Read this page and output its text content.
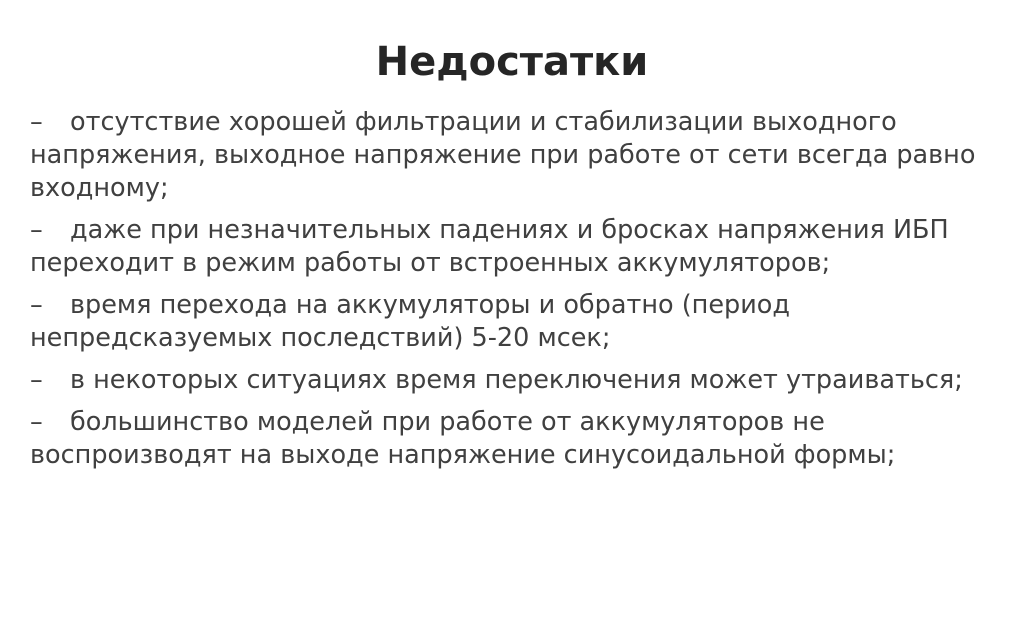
Недостатки
– отсутствие хорошей фильтрации и стабилизации выходного напряжения, выходное напряжение при работе от сети всегда равно входному;
– даже при незначительных падениях и бросках напряжения ИБП переходит в режим работы от встроенных аккумуляторов;
– время перехода на аккумуляторы и обратно (период непредсказуемых последствий) 5-20 мсек;
– в некоторых ситуациях время переключения может утраиваться;
– большинство моделей при работе от аккумуляторов не воспроизводят на выходе напряжение синусоидальной формы;
